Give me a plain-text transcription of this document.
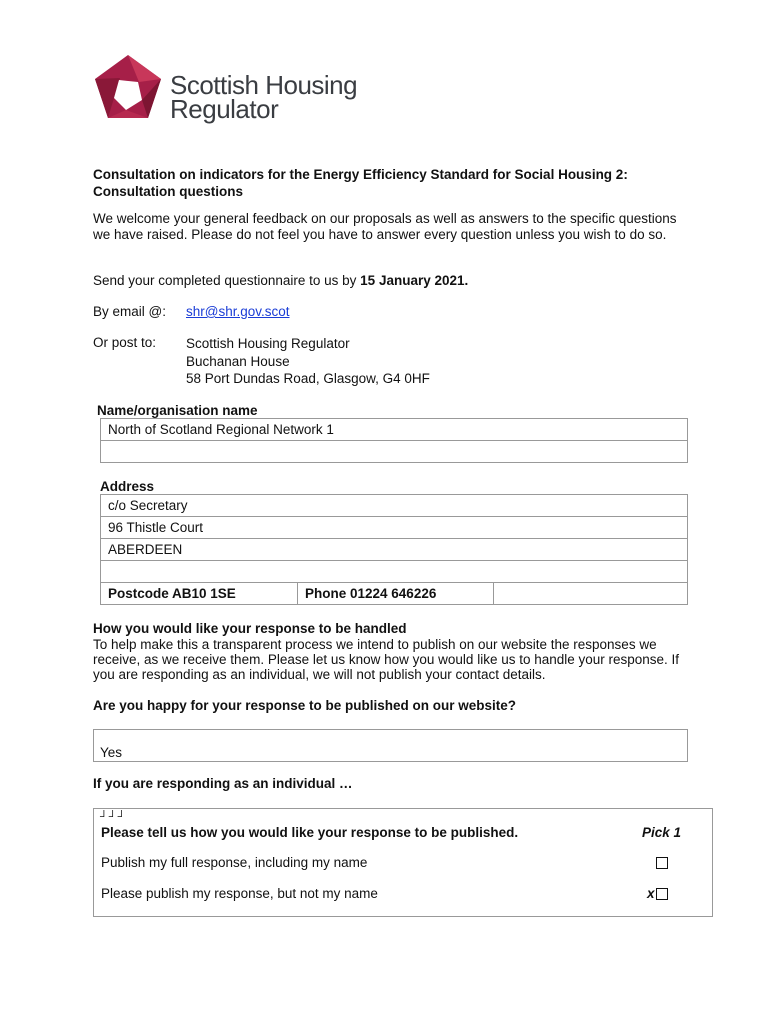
Scottish Housing
Regulator
Consultation on indicators for the Energy Efficiency Standard for Social Housing 2:
Consultation questions
We welcome your general feedback on our proposals as well as answers to the specific questions we have raised. Please do not feel you have to answer every question unless you wish to do so.
Send your completed questionnaire to us by 15 January 2021.
By email @: shr@shr.gov.scot
Or post to: Scottish Housing Regulator
Buchanan House
58 Port Dundas Road, Glasgow, G4 0HF
Name/organisation name
North of Scotland Regional Network 1
Address
c/o Secretary
96 Thistle Court
ABERDEEN
Postcode AB10 1SE	Phone 01224 646226
How you would like your response to be handled
To help make this a transparent process we intend to publish on our website the responses we receive, as we receive them. Please let us know how you would like us to handle your response. If you are responding as an individual, we will not publish your contact details.
Are you happy for your response to be published on our website?
Yes
If you are responding as an individual …
┘┘┘
Please tell us how you would like your response to be published.	Pick 1
Publish my full response, including my name
Please publish my response, but not my name	x
